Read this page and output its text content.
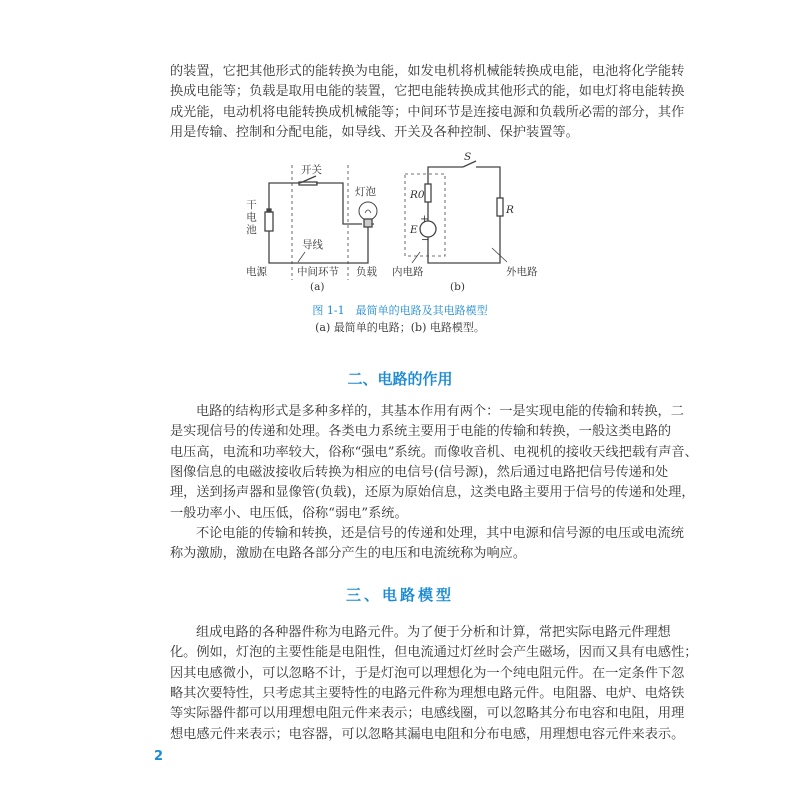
的装置，它把其他形式的能转换为电能，如发电机将机械能转换成电能，电池将化学能转
换成电能等；负载是取用电能的装置，它把电能转换成其他形式的能，如电灯将电能转换
成光能，电动机将电能转换成机械能等；中间环节是连接电源和负载所必需的部分，其作
用是传输、控制和分配电能，如导线、开关及各种控制、保护装置等。
开关
灯泡
导线
电源	中间环节 负载
(a)
S
R0
E
+
−
R
内电路	外电路
(b)
干电池
图 1-1　最简单的电路及其电路模型
(a) 最简单的电路；(b) 电路模型。
二、电路的作用
电路的结构形式是多种多样的，其基本作用有两个：一是实现电能的传输和转换，二
是实现信号的传递和处理。各类电力系统主要用于电能的传输和转换，一般这类电路的
电压高，电流和功率较大，俗称“强电”系统。而像收音机、电视机的接收天线把载有声音、
图像信息的电磁波接收后转换为相应的电信号(信号源)，然后通过电路把信号传递和处
理，送到扬声器和显像管(负载)，还原为原始信息，这类电路主要用于信号的传递和处理，
一般功率小、电压低，俗称“弱电”系统。
不论电能的传输和转换，还是信号的传递和处理，其中电源和信号源的电压或电流统
称为激励，激励在电路各部分产生的电压和电流统称为响应。
三、电路模型
组成电路的各种器件称为电路元件。为了便于分析和计算，常把实际电路元件理想
化。例如，灯泡的主要性能是电阻性，但电流通过灯丝时会产生磁场，因而又具有电感性；
因其电感微小，可以忽略不计，于是灯泡可以理想化为一个纯电阻元件。在一定条件下忽
略其次要特性，只考虑其主要特性的电路元件称为理想电路元件。电阻器、电炉、电烙铁
等实际器件都可以用理想电阻元件来表示；电感线圈，可以忽略其分布电容和电阻，用理
想电感元件来表示；电容器，可以忽略其漏电电阻和分布电感，用理想电容元件来表示。
2
